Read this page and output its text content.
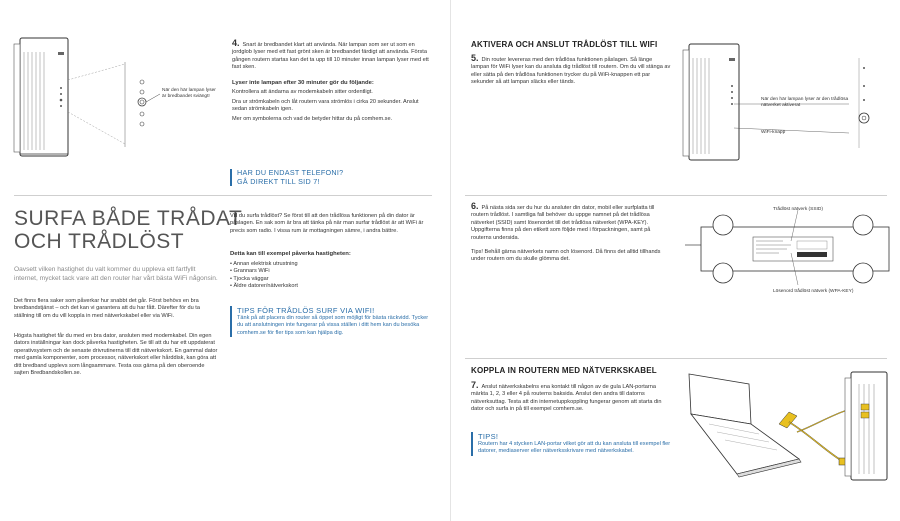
När den här lampan lyser är bredbandet sviängt!
4. Snart är bredbandet klart att använda. När lampan som ser ut som en jordglob lyser med ett fast grönt sken är bredbandet färdigt att använda. Första gången routern startas kan det ta upp till 10 minuter innan lampan lyser med ett fast sken.
Lyser inte lampan efter 30 minuter gör du följande:
Kontrollera att ändarna av modemkabeln sitter ordentligt.
Dra ur strömkabeln och låt routern vara strömlös i cirka 20 sekunder. Anslut sedan strömkabeln igen.
Mer om symbolerna och vad de betyder hittar du på comhem.se.
HAR DU ENDAST TELEFONI?
GÅ DIREKT TILL SID 7!
SURFA BÅDE TRÅDAT
OCH TRÅDLÖST
Oavsett vilken hastighet du valt kommer du uppleva ett fartfyllt internet, mycket tack vare att den router har vårt bästa WiFi någonsin.
Det finns flera saker som påverkar hur snabbt det går. Först behövs en bra bredbandstjänst – och det kan vi garantera att du har fått. Därefter för du ta ställning till om du vill koppla in med nätverkskabel eller via WiFi.
Högsta hastighet får du med en bra dator, ansluten med modemkabel. Din egen dators inställningar kan dock påverka hastigheten. Se till att du har ett uppdaterat operativsystem och de senaste drivrutinerna till ditt nätverkskort. En gammal dator med gamla komponenter, som processor, nätverkskort eller hårddisk, kan göra att ditt bredband upplevs som långsammare. Testa oss gärna på den oberoende sajten Bredbandskollen.se.
Vill du surfa trådlöst? Se först till att den trådlösa funktionen på din dator är påslagen. En sak som är bra att tänka på när man surfar trådlöst är att WiFi är precis som radio. I vissa rum är mottagningen sämre, i andra bättre.
Detta kan till exempel påverka hastigheten:
• Annan elektrisk utrustning
• Grannars WiFi
• Tjocka väggar
• Äldre datorer/nätverkskort
TIPS FÖR TRÅDLÖS SURF VIA WIFI!
Tänk på att placera din router så öppet som möjligt för bästa räckvidd. Tycker du att anslutningen inte fungerar på vissa ställen i ditt hem kan du besöka comhem.se för fler tips som kan hjälpa dig.
AKTIVERA OCH ANSLUT TRÅDLÖST TILL WIFI
5. Din router levereras med den trådlösa funktionen påslagen. Så länge lampan för WiFi lyser kan du ansluta dig trådlöst till routern. Om du vill stänga av eller sätta på den trådlösa funktionen trycker du på WiFi-knappen ett par sekunder så att lampan släcks eller tänds.
När den här lampan lyser är den trådlösa nätverket aktiverat
WiFi-knapp
6. På nästa sida ser du hur du ansluter din dator, mobil eller surfplatta till routern trådlöst. I samtliga fall behöver du uppge namnet på det trådlösa nätverket (SSID) samt lösenordet till det trådlösa nätverket (WPA-KEY). Uppgifterna finns på den etikett som följde med i förpackningen, samt på routerns undersida.
Tips! Behåll gärna nätverkets namn och lösenord. Då finns det alltid tillhands under routern om du skulle glömma det.
Trådlöst nätverk (SSID)
Lösenord trådlöst nätverk (WPA-KEY)
KOPPLA IN ROUTERN MED NÄTVERKSKABEL
7. Anslut nätverkskabelns ena kontakt till någon av de gula LAN-portarna märkta 1, 2, 3 eller 4 på routerns baksida. Anslut den andra till datorns nätverksuttag. Testa att din internetuppkoppling fungerar genom att starta din dator och surfa in på till exempel comhem.se.
TIPS!
Routern har 4 stycken LAN-portar vilket gör att du kan ansluta till exempel fler datorer, mediaserver eller nätverksskrivare med nätverkskabel.
